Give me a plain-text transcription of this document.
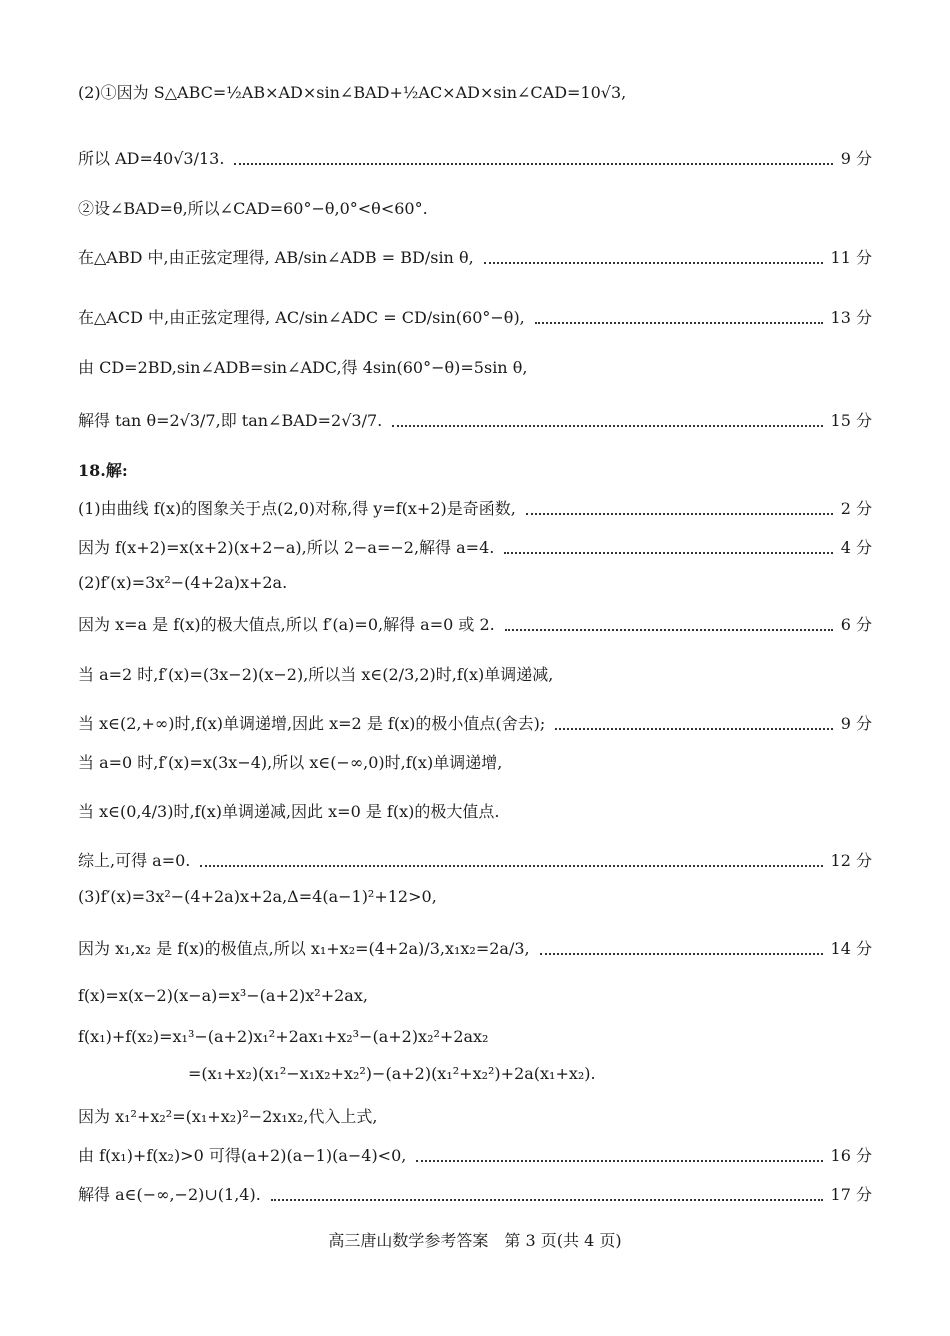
(2)①因为 S△ABC=½AB×AD×sin∠BAD+½AC×AD×sin∠CAD=10√3,
所以 AD=40√3/13.	9 分
②设∠BAD=θ,所以∠CAD=60°−θ,0°<θ<60°.
在△ABD 中,由正弦定理得, AB/sin∠ADB = BD/sin θ,	11 分
在△ACD 中,由正弦定理得, AC/sin∠ADC = CD/sin(60°−θ),	13 分
由 CD=2BD,sin∠ADB=sin∠ADC,得 4sin(60°−θ)=5sin θ,
解得 tan θ=2√3/7,即 tan∠BAD=2√3/7.	15 分
18.解:
(1)由曲线 f(x)的图象关于点(2,0)对称,得 y=f(x+2)是奇函数,	2 分
因为 f(x+2)=x(x+2)(x+2−a),所以 2−a=−2,解得 a=4.	4 分
(2)f′(x)=3x²−(4+2a)x+2a.
因为 x=a 是 f(x)的极大值点,所以 f′(a)=0,解得 a=0 或 2.	6 分
当 a=2 时,f′(x)=(3x−2)(x−2),所以当 x∈(2/3,2)时,f(x)单调递减,
当 x∈(2,+∞)时,f(x)单调递增,因此 x=2 是 f(x)的极小值点(舍去);	9 分
当 a=0 时,f′(x)=x(3x−4),所以 x∈(−∞,0)时,f(x)单调递增,
当 x∈(0,4/3)时,f(x)单调递减,因此 x=0 是 f(x)的极大值点.
综上,可得 a=0.	12 分
(3)f′(x)=3x²−(4+2a)x+2a,Δ=4(a−1)²+12>0,
因为 x₁,x₂ 是 f(x)的极值点,所以 x₁+x₂=(4+2a)/3,x₁x₂=2a/3,	14 分
f(x)=x(x−2)(x−a)=x³−(a+2)x²+2ax,
f(x₁)+f(x₂)=x₁³−(a+2)x₁²+2ax₁+x₂³−(a+2)x₂²+2ax₂
=(x₁+x₂)(x₁²−x₁x₂+x₂²)−(a+2)(x₁²+x₂²)+2a(x₁+x₂).
因为 x₁²+x₂²=(x₁+x₂)²−2x₁x₂,代入上式,
由 f(x₁)+f(x₂)>0 可得(a+2)(a−1)(a−4)<0,	16 分
解得 a∈(−∞,−2)∪(1,4).	17 分
高三唐山数学参考答案　第 3 页(共 4 页)
